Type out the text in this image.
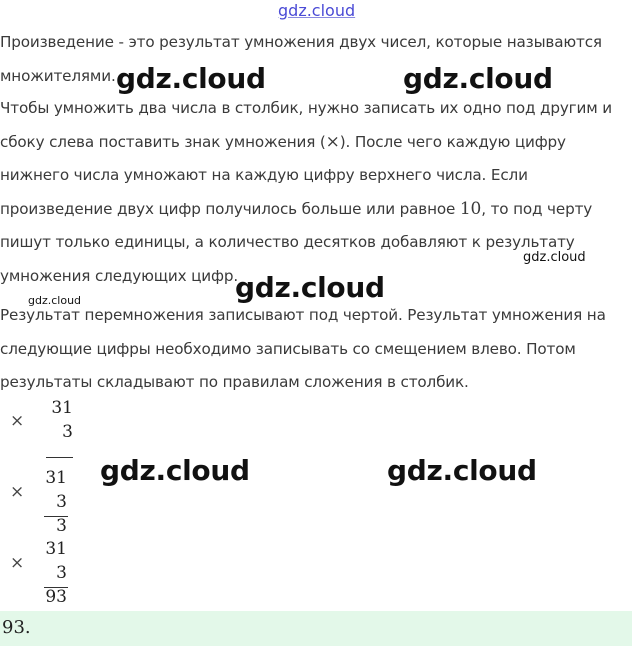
gdz.cloud

Произведение - это результат умножения двух чисел, которые называются множителями.

Чтобы умножить два числа в столбик, нужно записать их одно под другим и сбоку слева поставить знак умножения (×). После чего каждую цифру нижнего числа умножают на каждую цифру верхнего числа. Если произведение двух цифр получилось больше или равное 10, то под черту пишут только единицы, а количество десятков добавляют к результату умножения следующих цифр.

Результат перемножения записывают под чертой. Результат умножения на следующие цифры необходимо записывать со смещением влево. Потом результаты складывают по правилам сложения в столбик.

×
31
3
×
31
3
3
×
31
3
93
93.
gdz.cloud	gdz.cloud
gdz.cloud
gdz.cloud	gdz.cloud
gdz.cloud
gdz.cloud
